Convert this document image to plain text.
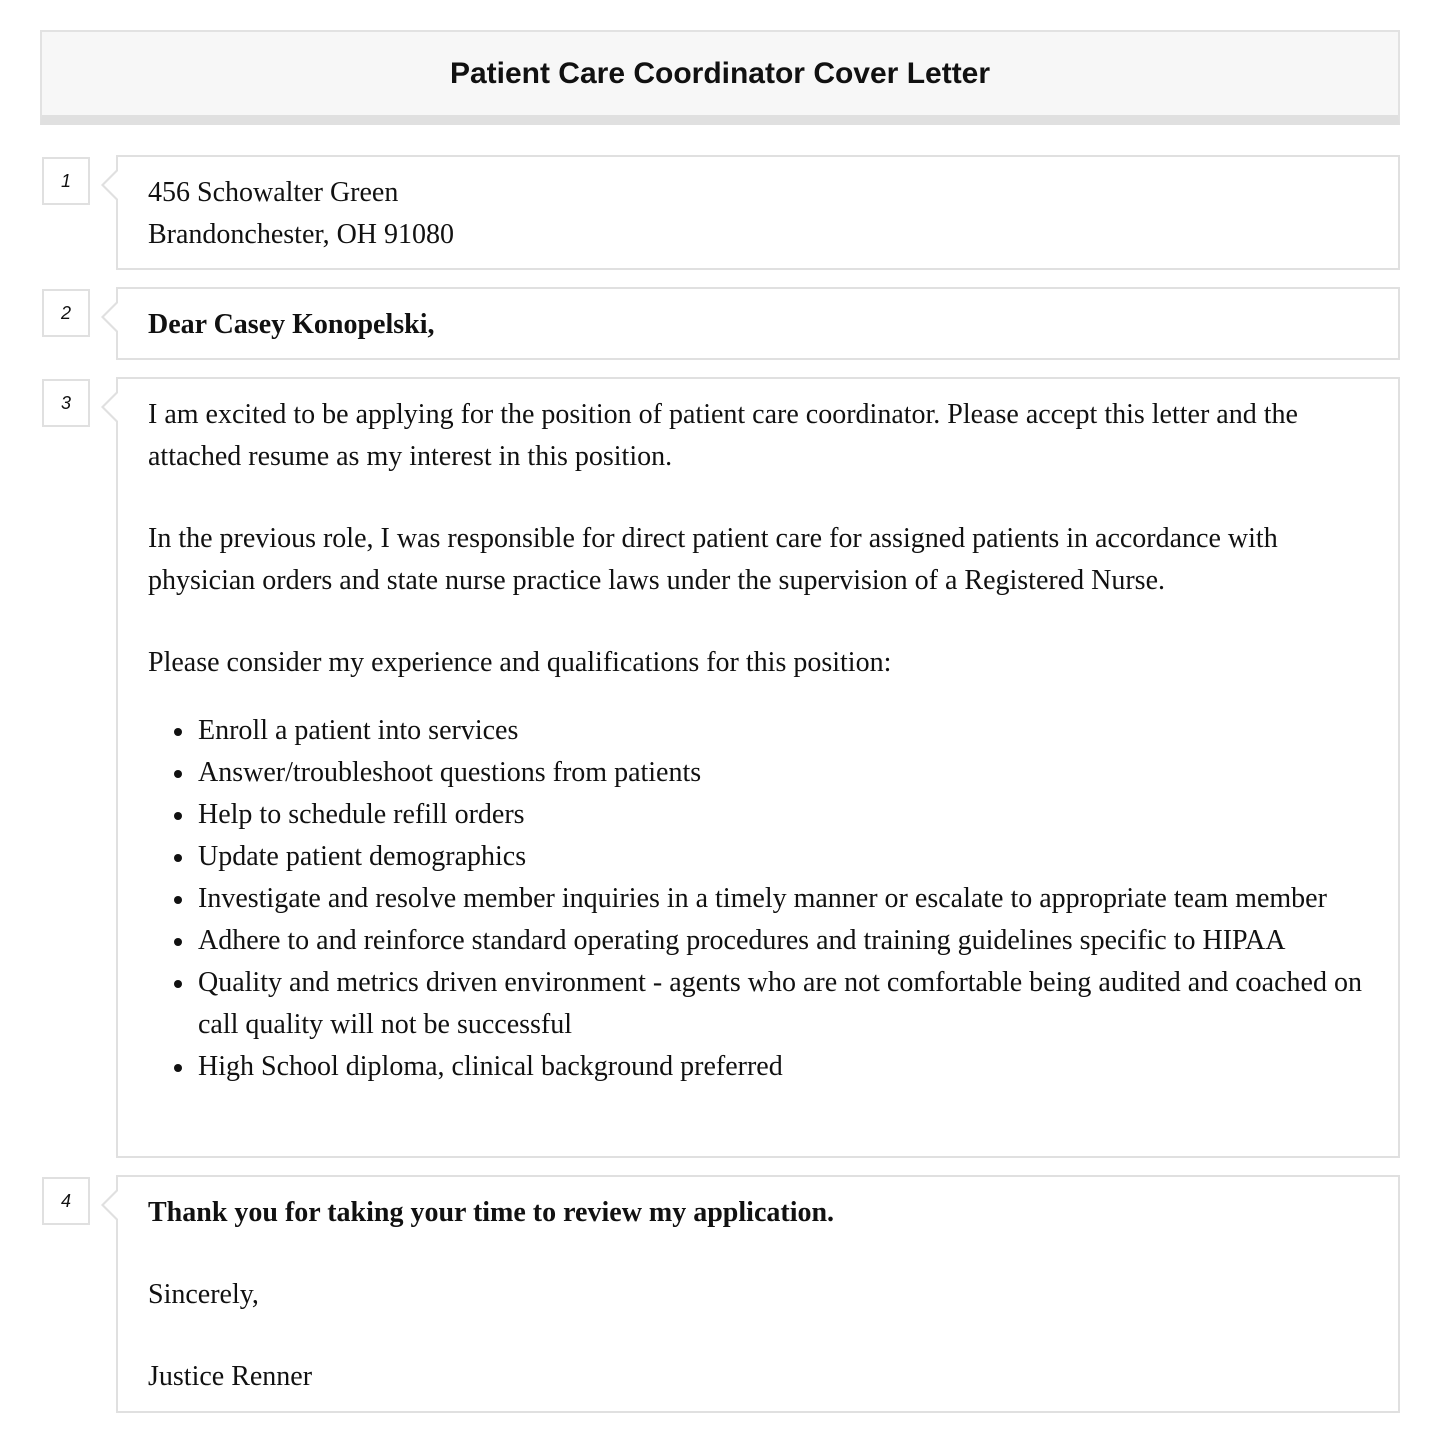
Patient Care Coordinator Cover Letter
1	456 Schowalter Green
Brandonchester, OH 91080
2	Dear Casey Konopelski,
3	I am excited to be applying for the position of patient care coordinator. Please accept this letter and the attached resume as my interest in this position.
In the previous role, I was responsible for direct patient care for assigned patients in accordance with physician orders and state nurse practice laws under the supervision of a Registered Nurse.
Please consider my experience and qualifications for this position:
Enroll a patient into services
Answer/troubleshoot questions from patients
Help to schedule refill orders
Update patient demographics
Investigate and resolve member inquiries in a timely manner or escalate to appropriate team member
Adhere to and reinforce standard operating procedures and training guidelines specific to HIPAA
Quality and metrics driven environment - agents who are not comfortable being audited and coached on call quality will not be successful
High School diploma, clinical background preferred
4	Thank you for taking your time to review my application.
Sincerely,
Justice Renner
